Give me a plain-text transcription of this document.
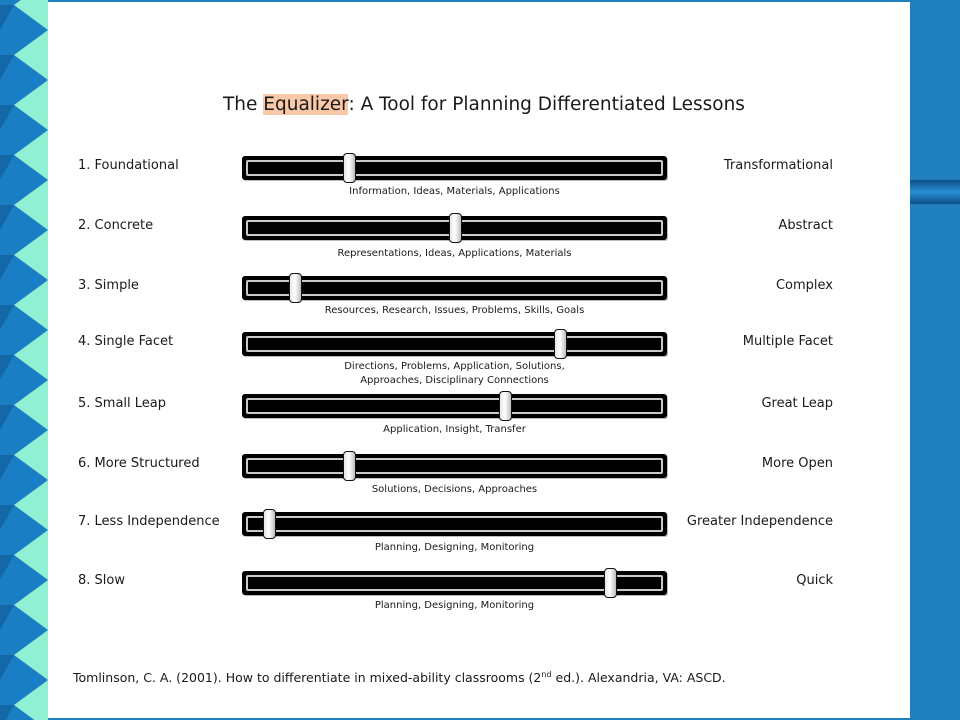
The Equalizer: A Tool for Planning Differentiated Lessons
1. Foundational	Transformational
Information, Ideas, Materials, Applications
2. Concrete	Abstract
Representations, Ideas, Applications, Materials
3. Simple	Complex
Resources, Research, Issues, Problems, Skills, Goals
4. Single Facet	Multiple Facet
Directions, Problems, Application, Solutions,
Approaches, Disciplinary Connections
5. Small Leap	Great Leap
Application, Insight, Transfer
6. More Structured	More Open
Solutions, Decisions, Approaches
7. Less Independence	Greater Independence
Planning, Designing, Monitoring
8. Slow	Quick
Planning, Designing, Monitoring
Tomlinson, C. A. (2001). How to differentiate in mixed-ability classrooms (2nd ed.). Alexandria, VA: ASCD.
